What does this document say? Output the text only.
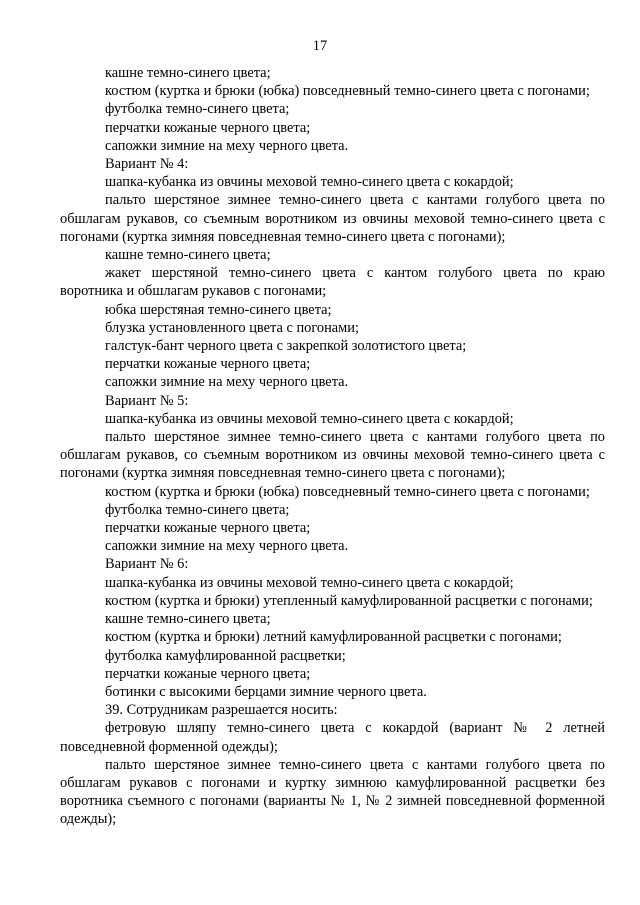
17

кашне темно-синего цвета;

костюм (куртка и брюки (юбка) повседневный темно-синего цвета с погонами;

футболка темно-синего цвета;

перчатки кожаные черного цвета;

сапожки зимние на меху черного цвета.

Вариант № 4:

шапка-кубанка из овчины меховой темно-синего цвета с кокардой;

пальто шерстяное зимнее темно-синего цвета с кантами голубого цвета по обшлагам рукавов, со съемным воротником из овчины меховой темно-синего цвета с погонами (куртка зимняя повседневная темно-синего цвета с погонами);

кашне темно-синего цвета;

жакет шерстяной темно-синего цвета с кантом голубого цвета по краю воротника и обшлагам рукавов с погонами;

юбка шерстяная темно-синего цвета;

блузка установленного цвета с погонами;

галстук-бант черного цвета с закрепкой золотистого цвета;

перчатки кожаные черного цвета;

сапожки зимние на меху черного цвета.

Вариант № 5:

шапка-кубанка из овчины меховой темно-синего цвета с кокардой;

пальто шерстяное зимнее темно-синего цвета с кантами голубого цвета по обшлагам рукавов, со съемным воротником из овчины меховой темно-синего цвета с погонами (куртка зимняя повседневная темно-синего цвета с погонами);

костюм (куртка и брюки (юбка) повседневный темно-синего цвета с погонами;

футболка темно-синего цвета;

перчатки кожаные черного цвета;

сапожки зимние на меху черного цвета.

Вариант № 6:

шапка-кубанка из овчины меховой темно-синего цвета с кокардой;

костюм (куртка и брюки) утепленный камуфлированной расцветки с погонами;

кашне темно-синего цвета;

костюм (куртка и брюки) летний камуфлированной расцветки с погонами;

футболка камуфлированной расцветки;

перчатки кожаные черного цвета;

ботинки с высокими берцами зимние черного цвета.

39. Сотрудникам разрешается носить:

фетровую шляпу темно-синего цвета с кокардой (вариант № 2 летней повседневной форменной одежды);

пальто шерстяное зимнее темно-синего цвета с кантами голубого цвета по обшлагам рукавов с погонами и куртку зимнюю камуфлированной расцветки без воротника съемного с погонами (варианты № 1, № 2 зимней повседневной форменной одежды);
